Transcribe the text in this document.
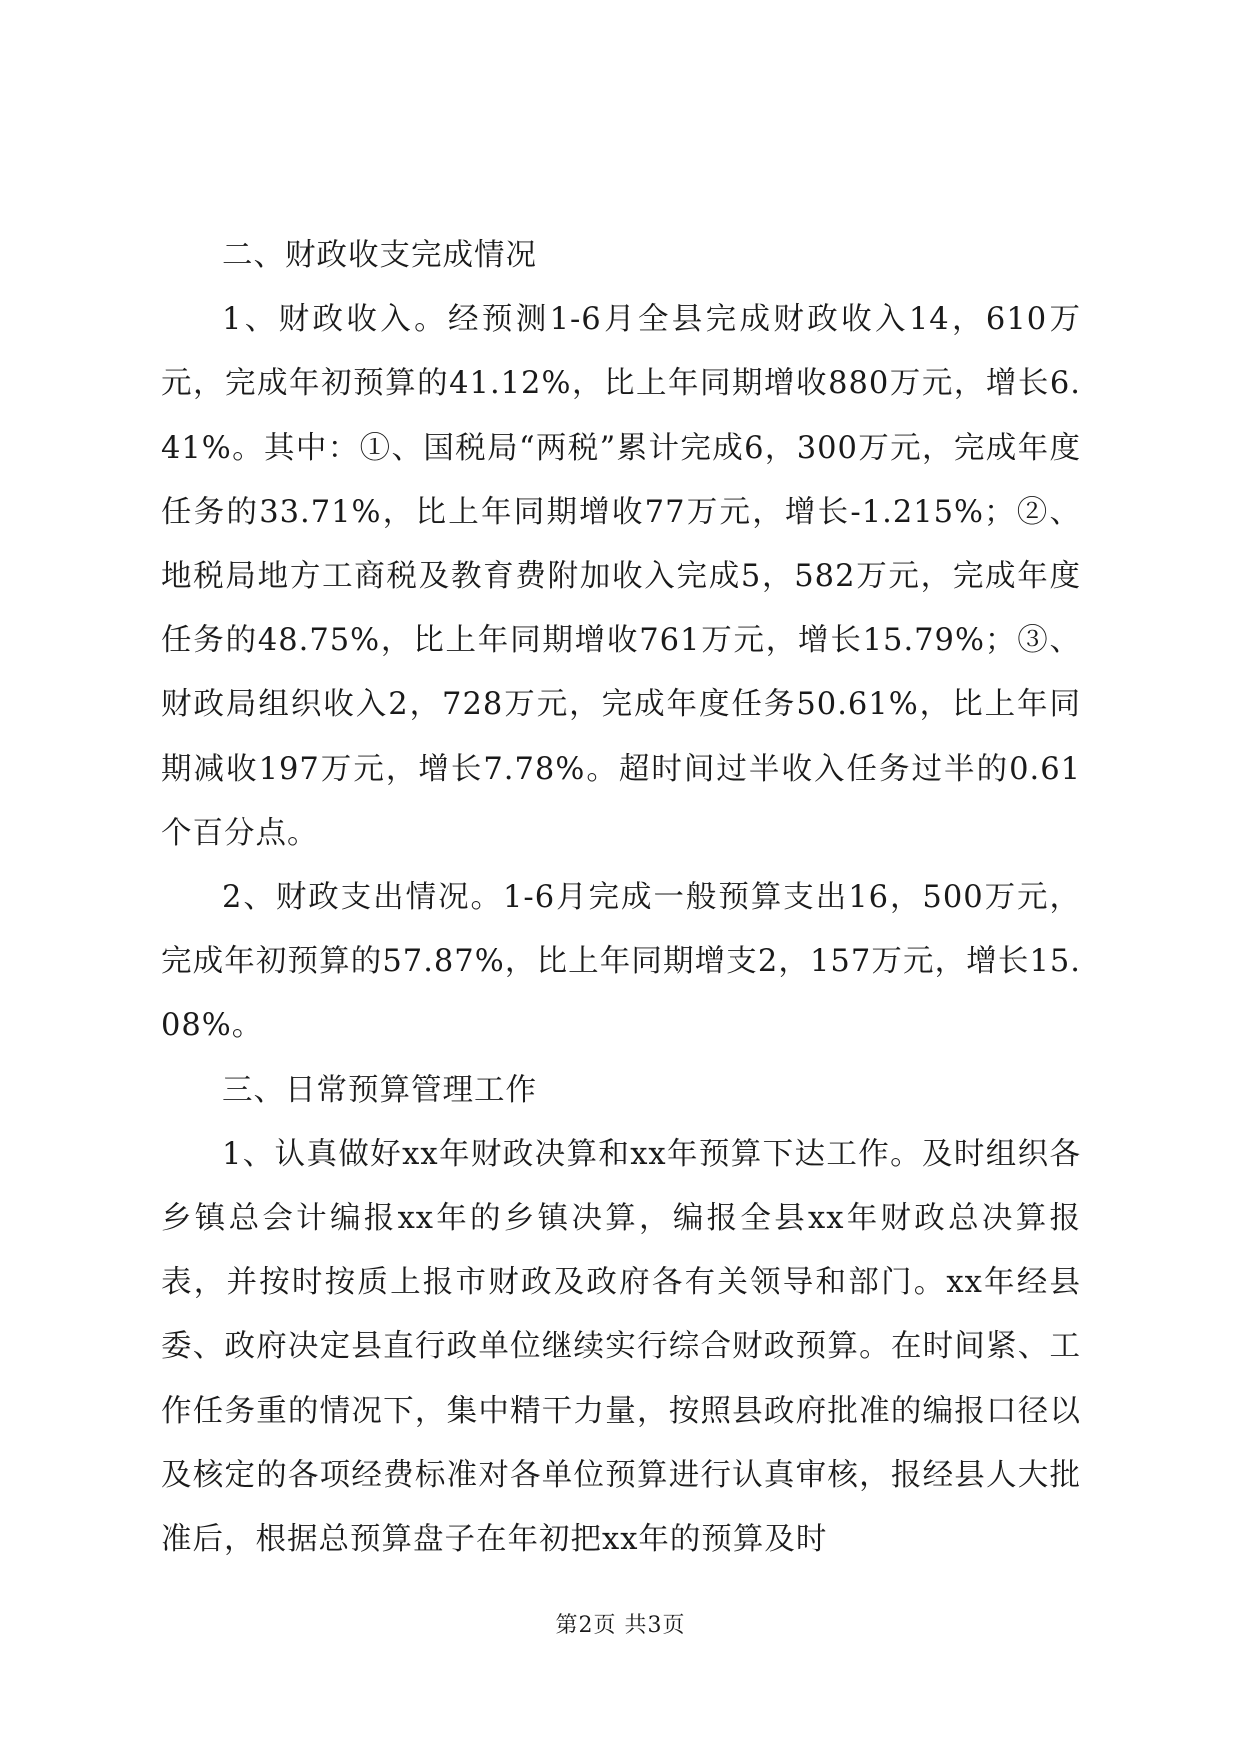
二、财政收支完成情况

1、财政收入。经预测1-6月全县完成财政收入14，610万元，完成年初预算的41.12%，比上年同期增收880万元，增长6.41%。其中：①、国税局“两税”累计完成6，300万元，完成年度任务的33.71%，比上年同期增收77万元，增长-1.215%；②、地税局地方工商税及教育费附加收入完成5，582万元，完成年度任务的48.75%，比上年同期增收761万元，增长15.79%；③、财政局组织收入2，728万元，完成年度任务50.61%，比上年同期减收197万元，增长7.78%。超时间过半收入任务过半的0.61个百分点。

2、财政支出情况。1-6月完成一般预算支出16，500万元，完成年初预算的57.87%，比上年同期增支2，157万元，增长15.08%。

三、日常预算管理工作

1、认真做好xx年财政决算和xx年预算下达工作。及时组织各乡镇总会计编报xx年的乡镇决算，编报全县xx年财政总决算报表，并按时按质上报市财政及政府各有关领导和部门。xx年经县委、政府决定县直行政单位继续实行综合财政预算。在时间紧、工作任务重的情况下，集中精干力量，按照县政府批准的编报口径以及核定的各项经费标准对各单位预算进行认真审核，报经县人大批准后，根据总预算盘子在年初把xx年的预算及时

第2页 共3页
